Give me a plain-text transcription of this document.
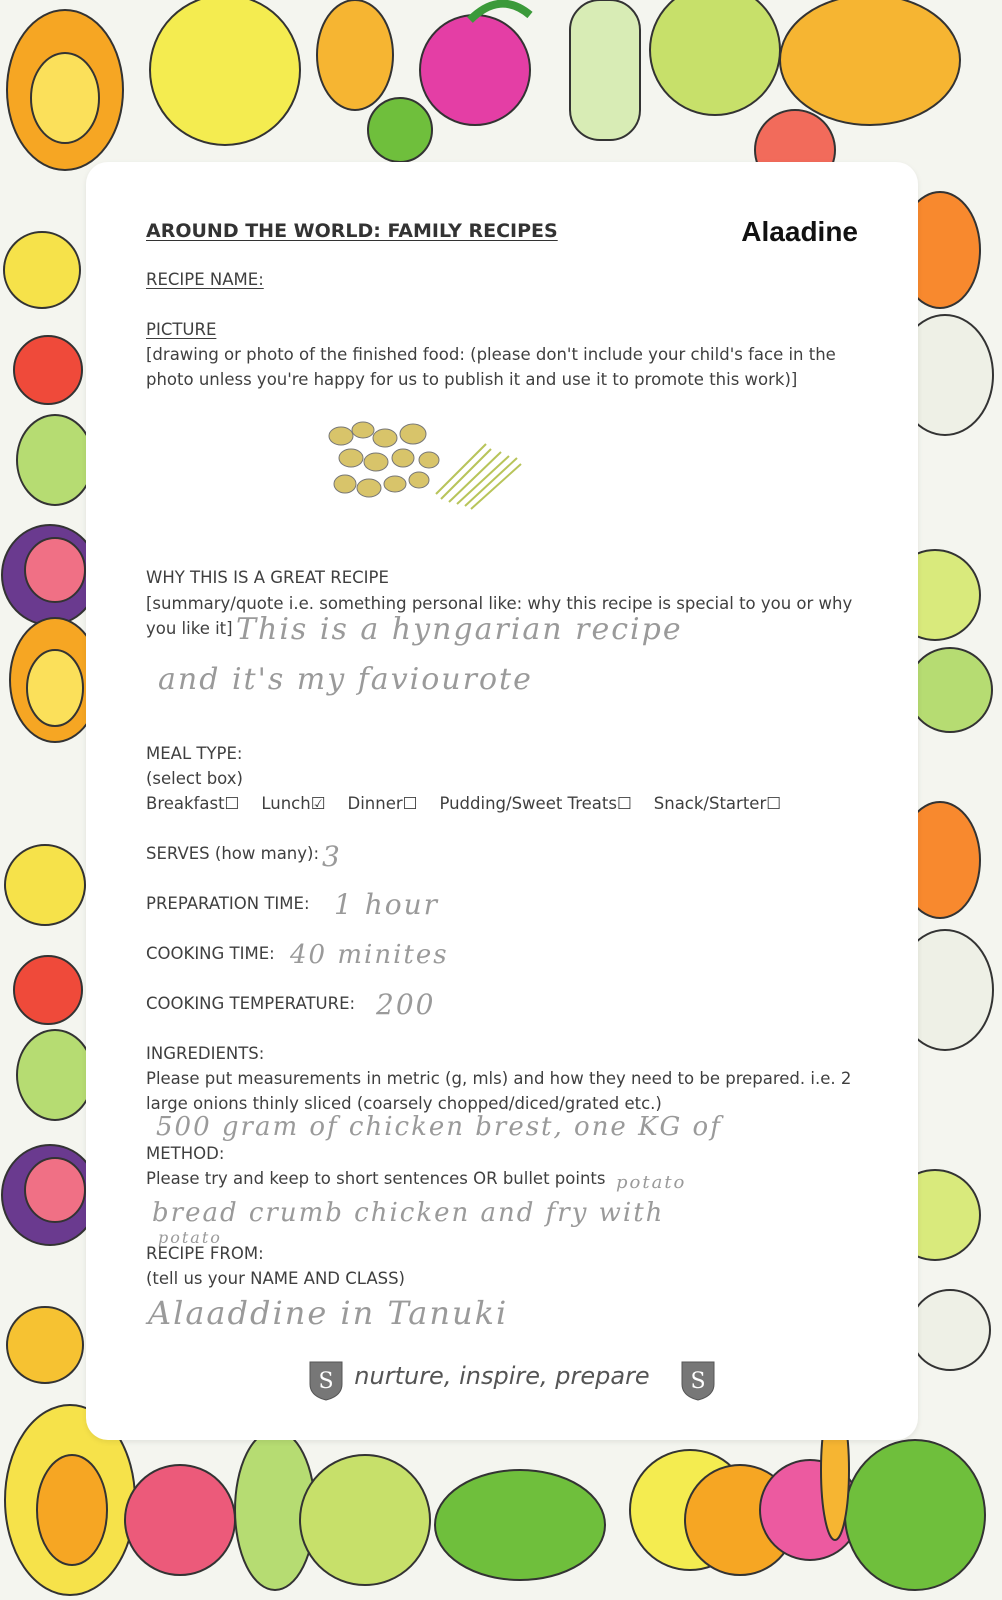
AROUND THE WORLD: FAMILY RECIPES	Alaadine
RECIPE NAME:
PICTURE
[drawing or photo of the finished food: (please don't include your child's face in the
photo unless you're happy for us to publish it and use it to promote this work)]
WHY THIS IS A GREAT RECIPE
[summary/quote i.e. something personal like: why this recipe is special to you or why
you like it] This is a hyngarian recipe
and it's my faviourote
MEAL TYPE:
(select box)
Breakfast☐ Lunch☑ Dinner☐ Pudding/Sweet Treats☐ Snack/Starter☐
SERVES (how many): 3
PREPARATION TIME: 1 hour
COOKING TIME: 40 minites
COOKING TEMPERATURE: 200
INGREDIENTS:
Please put measurements in metric (g, mls) and how they need to be prepared. i.e. 2
large onions thinly sliced (coarsely chopped/diced/grated etc.)
500 gram of chicken brest, one KG of
potato
METHOD:
Please try and keep to short sentences OR bullet points
bread crumb chicken and fry with
potato
RECIPE FROM:
(tell us your NAME AND CLASS)
Alaaddine in Tanuki
S nurture, inspire, prepare	S
